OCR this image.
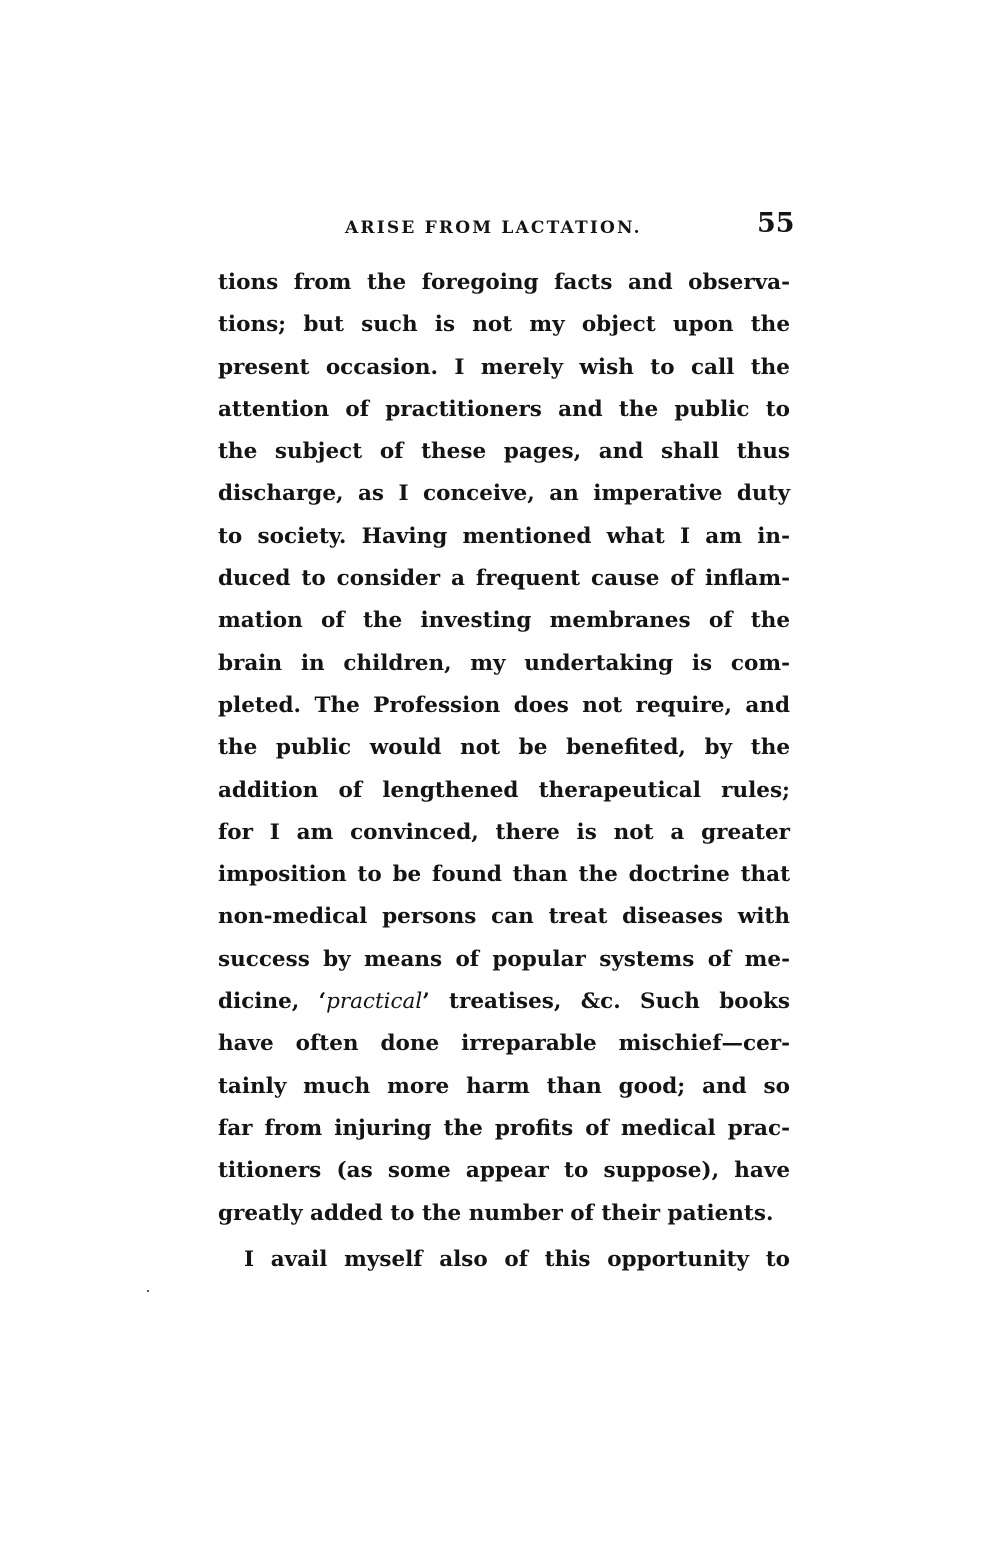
ARISE FROM LACTATION.	55
tions from the foregoing facts and observa-
tions; but such is not my object upon the
present occasion. I merely wish to call the
attention of practitioners and the public to
the subject of these pages, and shall thus
discharge, as I conceive, an imperative duty
to society. Having mentioned what I am in-
duced to consider a frequent cause of inflam-
mation of the investing membranes of the
brain in children, my undertaking is com-
pleted. The Profession does not require, and
the public would not be benefited, by the
addition of lengthened therapeutical rules;
for I am convinced, there is not a greater
imposition to be found than the doctrine that
non-medical persons can treat diseases with
success by means of popular systems of me-
dicine, ‘practical’ treatises, &c. Such books
have often done irreparable mischief—cer-
tainly much more harm than good; and so
far from injuring the profits of medical prac-
titioners (as some appear to suppose), have
greatly added to the number of their patients.
I avail myself also of this opportunity to
